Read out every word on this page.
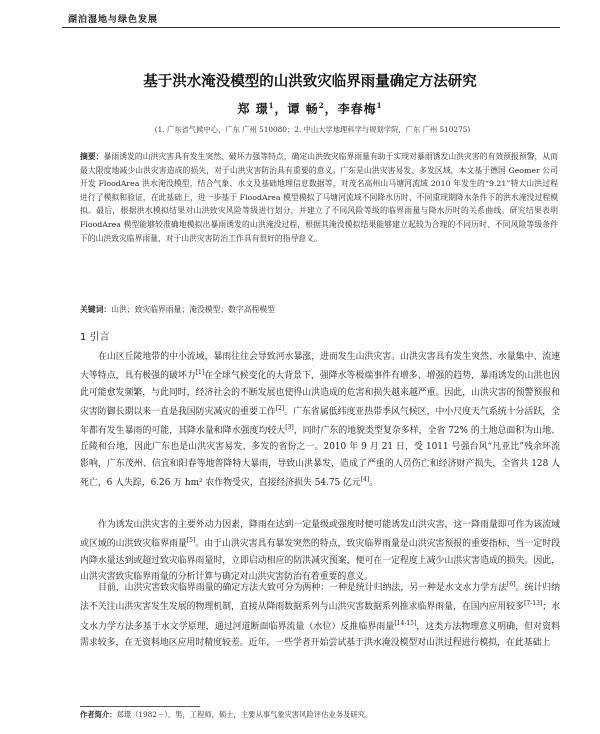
湖泊湿地与绿色发展
基于洪水淹没模型的山洪致灾临界雨量确定方法研究
郑 璟$^1$，谭 畅$^2$，李春梅$^1$
(1. 广东省气候中心，广东 广州 510080；2. 中山大学地理科学与规划学院，广东 广州 510275)
摘要：暴雨诱发的山洪灾害具有发生突然、破坏力强等特点，确定山洪致灾临界雨量有助于实现对暴雨诱发山洪灾害的有效预报预警，从而最大限度地减少山洪灾害造成的损失，对于山洪灾害防治具有重要的意义。广东是山洪灾害易发、多发区域，本文基于德国 Geomer 公司开发 FloodArea 洪水淹没模型，结合气象、水文及基础地理信息数据等，对茂名高州山马塘河流域 2010 年发生的“9.21”特大山洪过程进行了模拟和验证，在此基础上，进一步基于 FloodArea 模型模拟了马塘河流域不同降水历时、不同重现期降水条件下的洪水淹没过程模拟。最后，根据洪水模拟结果对山洪致灾风险等级进行划分，并建立了不同风险等级的临界雨量与降水历时的关系曲线。研究结果表明 FloodArea 模型能够较准确地模拟出暴雨诱发的山洪淹没过程，根据其淹没模拟结果能够建立起较为合理的不同历时、不同风险等级条件下的山洪致灾临界雨量，对于山洪灾害防治工作具有很好的指导意义。
关键词：山洪；致灾临界雨量；淹没模型；数字高程模型
1 引言

在山区丘陵地带的中小流域，暴雨往往会导致河水暴涨，进而发生山洪灾害。山洪灾害具有发生突然、水量集中、流速大等特点，具有极强的破坏力[1]在全球气候变化的大背景下，强降水等极端事件有增多、增强的趋势，暴雨诱发的山洪也因此可能愈发频繁，与此同时，经济社会的不断发展也使得山洪造成的危害和损失越来越严重。因此，山洪灾害的预警预报和灾害防御长期以来一直是我国防灾减灾的重要工作[2]。广东省属低纬度亚热带季风气候区，中小尺度天气系统十分活跃，全年都有发生暴雨的可能，其降水量和降水强度均较大[3]，同时广东的地貌类型复杂多样，全省 72% 的土地总面积为山地、丘陵和台地，因此广东也是山洪灾害易发、多发的省份之一。2010 年 9 月 21 日，受 1011 号强台风“凡亚比”残余环流影响，广东茂州、信宜和阳春等地普降特大暴雨，导致山洪暴发，造成了严重的人员伤亡和经济财产损失，全省共 128 人死亡，6 人失踪，6.26 万 hm² 农作物受灾，直接经济损失 54.75 亿元[4]。

作为诱发山洪灾害的主要外动力因素，降雨在达到一定量级或强度时便可能诱发山洪灾害，这一降雨量即可作为该流域或区域的山洪致灾临界雨量[5]。由于山洪灾害具有暴发突然的特点，致灾临界雨量是山洪灾害预报的重要指标，当一定时段内降水量达到或超过致灾临界雨量时，立即启动相应的防洪减灾预案，便可在一定程度上减少山洪灾害造成的损失。因此，山洪灾害致灾临界雨量的分析计算与确定对山洪灾害防治有着重要的意义。

目前，山洪灾害致灾临界雨量的确定方法大致可分为两种：一种是统计归纳法，另一种是水文水力学方法[6]。统计归纳法不关注山洪灾害发生发展的物理机制，直接从降雨数据系列与山洪灾害数据系列推求临界雨量，在国内应用较多[7-13]；水文水力学方法多基于水文学原理，通过河道断面临界流量（水位）反推临界雨量[14-15]，这类方法物理意义明确，但对资料需求较多，在无资料地区应用时精度较差。近年，一些学者开始尝试基于洪水淹没模型对山洪过程进行模拟，在此基础上

作者简介：郑璟（1982－），男，工程师，硕士，主要从事气象灾害风险评估业务及研究。
